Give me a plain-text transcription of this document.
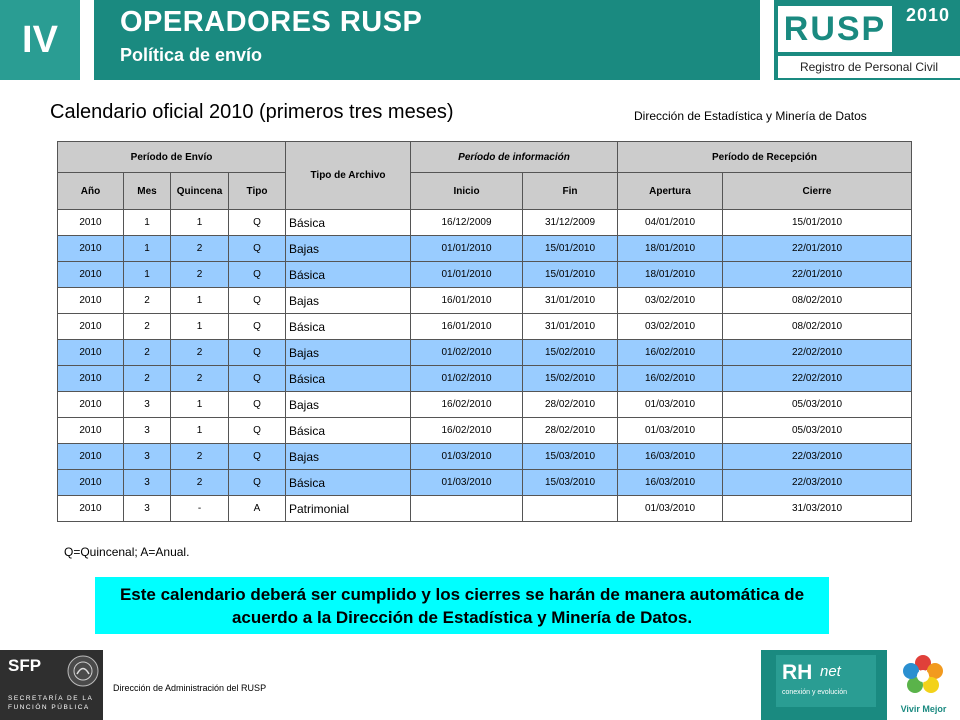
IV	OPERADORES RUSP
Política de envío
RUSP	2010
Registro de Personal Civil
Calendario oficial 2010 (primeros tres meses)	Dirección de Estadística y Minería de Datos
Período de Envío				Tipo de Archivo	Período de información		Período de Recepción	
Año	Mes	Quincena	Tipo		Inicio	Fin	Apertura	Cierre
2010	1	1	Q	Básica	16/12/2009	31/12/2009	04/01/2010	15/01/2010
2010	1	2	Q	Bajas	01/01/2010	15/01/2010	18/01/2010	22/01/2010
2010	1	2	Q	Básica	01/01/2010	15/01/2010	18/01/2010	22/01/2010
2010	2	1	Q	Bajas	16/01/2010	31/01/2010	03/02/2010	08/02/2010
2010	2	1	Q	Básica	16/01/2010	31/01/2010	03/02/2010	08/02/2010
2010	2	2	Q	Bajas	01/02/2010	15/02/2010	16/02/2010	22/02/2010
2010	2	2	Q	Básica	01/02/2010	15/02/2010	16/02/2010	22/02/2010
2010	3	1	Q	Bajas	16/02/2010	28/02/2010	01/03/2010	05/03/2010
2010	3	1	Q	Básica	16/02/2010	28/02/2010	01/03/2010	05/03/2010
2010	3	2	Q	Bajas	01/03/2010	15/03/2010	16/03/2010	22/03/2010
2010	3	2	Q	Básica	01/03/2010	15/03/2010	16/03/2010	22/03/2010
2010	3	-	A	Patrimonial			01/03/2010	31/03/2010
Q=Quincenal; A=Anual.
Este calendario deberá ser cumplido y los cierres se harán de manera automática de acuerdo a la Dirección de Estadística y Minería de Datos.
SFP
SECRETARÍA DE LA
FUNCIÓN PÚBLICA
Dirección de Administración del RUSP
RH net
conexión y evolución
Vivir Mejor
